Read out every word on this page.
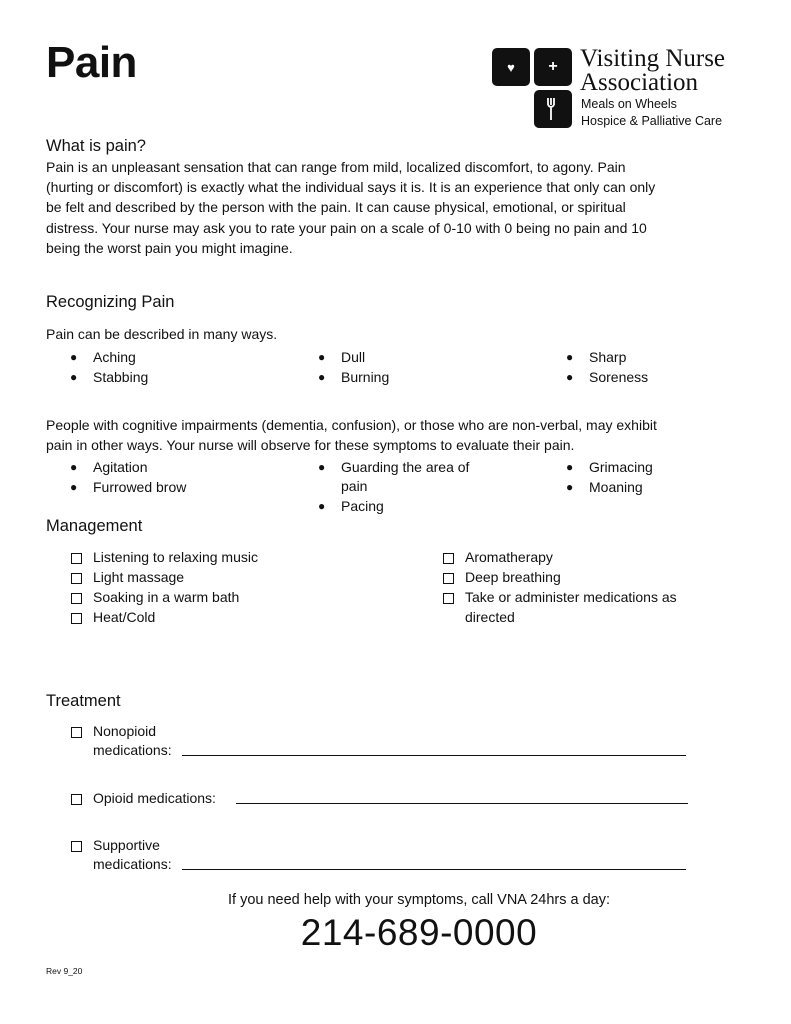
Pain	♥	+ Visiting Nurse
Association
Meals on Wheels
Hospice & Palliative Care
What is pain?
Pain is an unpleasant sensation that can range from mild, localized discomfort, to agony. Pain
(hurting or discomfort) is exactly what the individual says it is. It is an experience that only can only
be felt and described by the person with the pain. It can cause physical, emotional, or spiritual
distress. Your nurse may ask you to rate your pain on a scale of 0-10 with 0 being no pain and 10
being the worst pain you might imagine.
Recognizing Pain
Pain can be described in many ways.
● Aching
● Stabbing
● Dull
● Burning
● Sharp
● Soreness
People with cognitive impairments (dementia, confusion), or those who are non-verbal, may exhibit
pain in other ways. Your nurse will observe for these symptoms to evaluate their pain.
● Agitation
● Furrowed brow
● Guarding the area of
pain
● Pacing
● Grimacing
● Moaning
Management
Listening to relaxing music
Light massage
Soaking in a warm bath
Heat/Cold
Aromatherapy
Deep breathing
Take or administer medications as
directed
Treatment
Nonopioid
medications:
Opioid medications:
Supportive
medications:
If you need help with your symptoms, call VNA 24hrs a day:
214-689-0000
Rev 9_20
